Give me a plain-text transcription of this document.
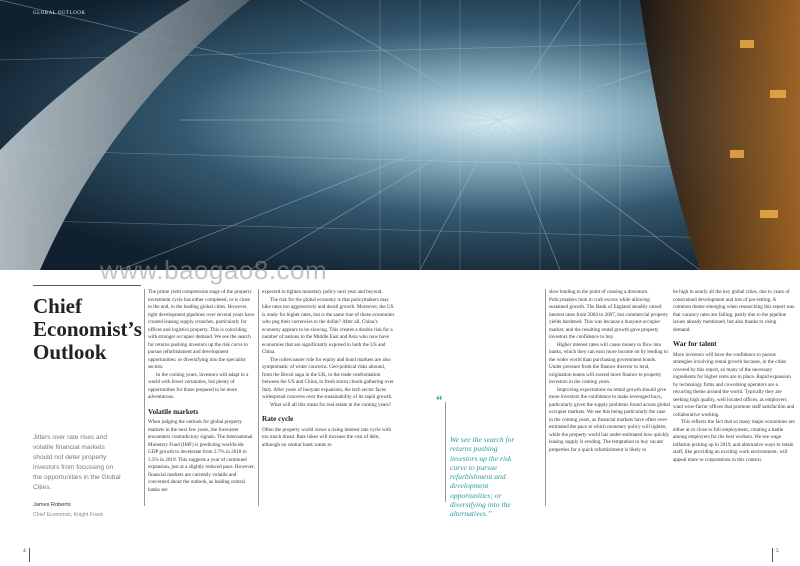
GLOBAL OUTLOOK
www.baogao8.com
Chief Economist’s Outlook

Jitters over rate rises and volatile financial markets should not deter property investors from focussing on the opportunities in the Global Cities.

James Roberts
Chief Economist, Knight Frank

The prime yield compression stage of the property investment cycle has either completed, or is close to the end, in the leading global cities. However, tight development pipelines over several years have created leasing supply crunches, particularly for offices and logistics property. This is coinciding with stronger occupier demand. We see the search for returns pushing investors up the risk curve to pursue refurbishment and development opportunities; or diversifying into the specialist sectors.

In the coming years, investors will adapt to a world with fewer certainties, but plenty of opportunities for those prepared to be more adventurous.

Volatile markets

When judging the outlook for global property markets in the next few years, the forecaster encounters contradictory signals. The International Monetary Fund (IMF) is predicting worldwide GDP growth to decelerate from 3.7% in 2018 to 3.5% in 2019. This suggests a year of continued expansion, just at a slightly reduced pace. However, financial markets are currently volatile and concerned about the outlook, as leading central banks are

expected to tighten monetary policy next year and beyond.

The risk for the global economy is that policymakers may hike rates too aggressively and derail growth. Moreover, the US is ready for higher rates, but is the same true of those economies who peg their currencies to the dollar? After all, China’s economy appears to be slowing. This creates a double risk for a number of nations in the Middle East and Asia who now have economies that are significantly exposed to both the US and China.

The rollercoaster ride for equity and bond markets are also symptomatic of wider concerns. Geo-political risks abound, from the Brexit saga in the UK, to the trade confrontation between the US and China, to fresh storm clouds gathering over Italy. After years of buoyant expansion, the tech sector faces widespread concerns over the sustainability of its rapid growth.

What will all this mean for real estate in the coming years?

Rate cycle

Often the property world views a rising interest rate cycle with too much dread. Rate hikes will increase the cost of debt, although no central bank wants to

“
We see the search for returns pushing investors up the risk curve to pursue refurbishment and development opportunities; or diversifying into the alternatives.”

slow lending to the point of causing a downturn. Policymakers look to curb excess while allowing sustained growth. The Bank of England steadily raised interest rates from 2004 to 2007, but commercial property yields hardened. This was because a buoyant occupier market, and the resulting rental growth gave property investors the confidence to buy.

Higher interest rates will cause money to flow into banks, which they can earn more income on by lending to the wider world than purchasing government bonds. Under pressure from the finance director to lend, origination teams will extend more finance to property investors in the coming years.

Improving expectations on rental growth should give more investors the confidence to make leveraged buys, particularly given the supply problems found across global occupier markets. We see this being particularly the case in the coming years, as financial markets have often over-estimated the pace at which monetary policy will tighten, while the property world has under-estimated how quickly leasing supply is eroding. The temptation to buy vacant properties for a quick refurbishment is likely to

be high in nearly all the key global cities, due to years of constrained development and lots of pre-letting. A common theme emerging when researching this report was that vacancy rates are falling, partly due to the pipeline issues already mentioned, but also thanks to rising demand.

War for talent

More investors will have the confidence to pursue strategies involving rental growth because, in the cities covered by this report, so many of the necessary ingredients for higher rents are in place. Rapid expansion by technology firms and coworking operators are a recurring theme around the world. Typically they are seeking high quality, well located offices, as employers want wow-factor offices that promote staff satisfaction and collaborative working.

This reflects the fact that so many major economies are either at or close to full employment, creating a battle among employers for the best workers. We see wage inflation picking up in 2019, and alternative ways to retain staff, like providing an exciting work environment, will appeal more to corporations in this context.

4	5
